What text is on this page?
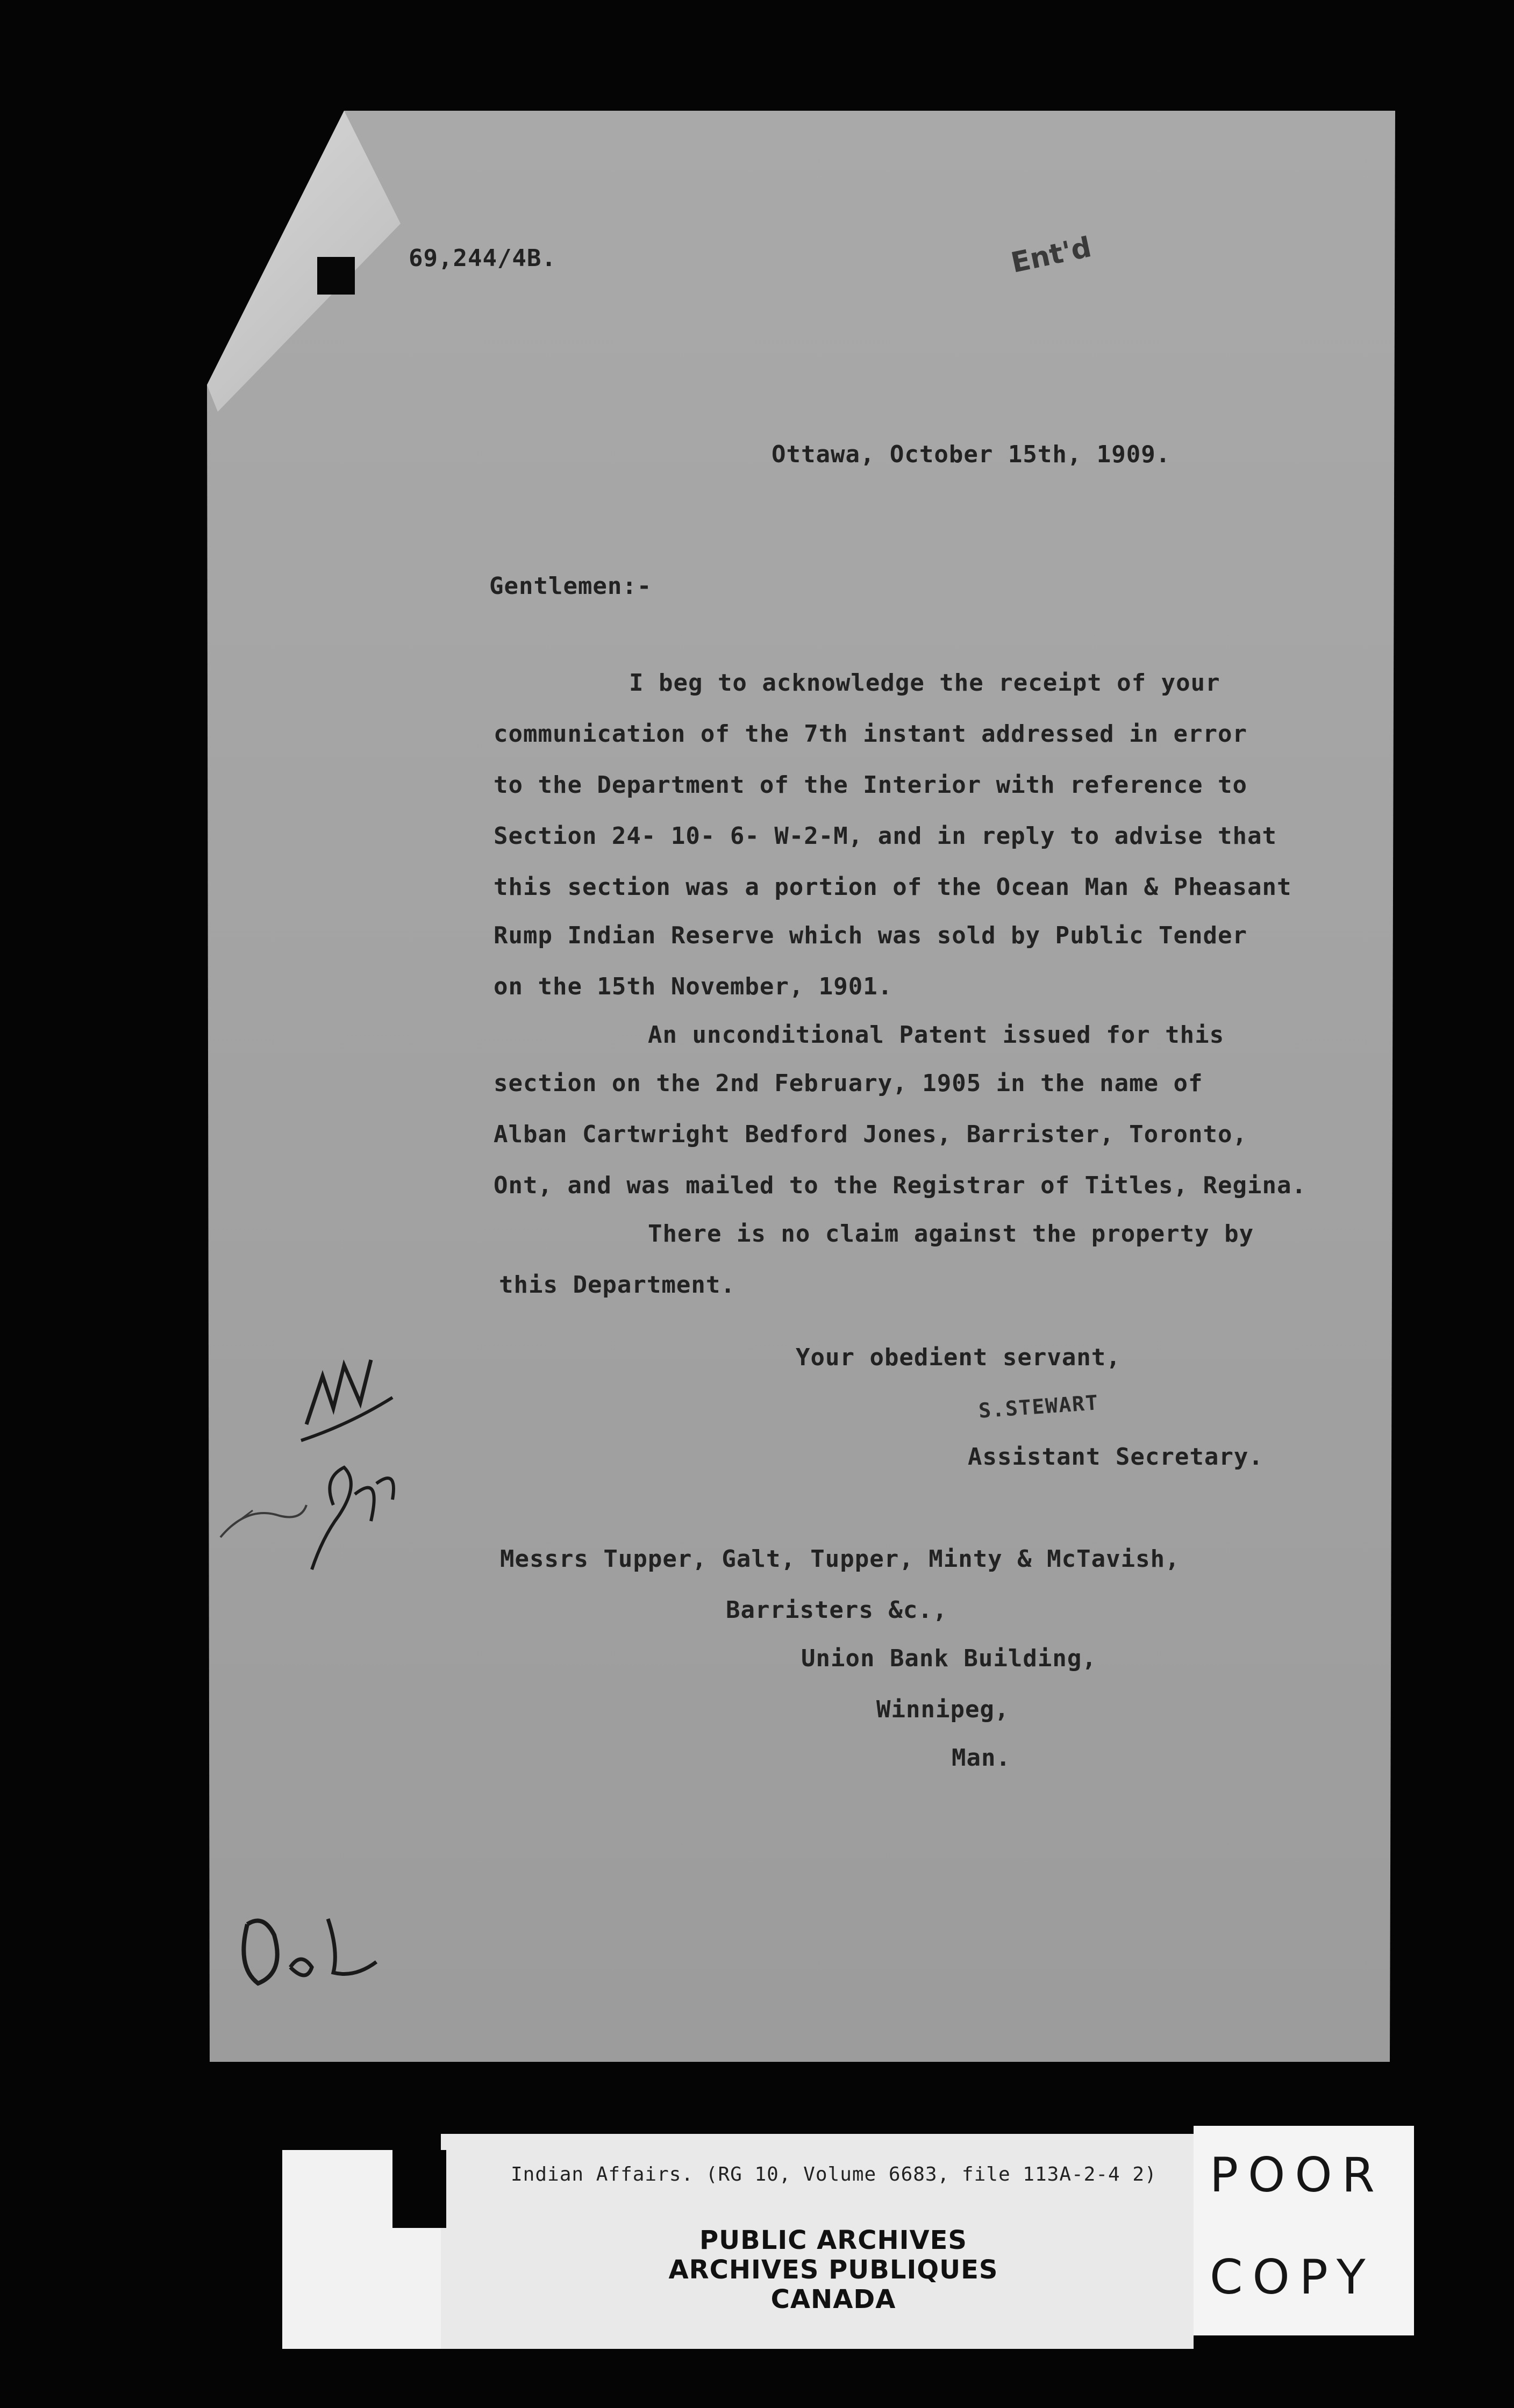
69,244/4B.	Ent'd
Ottawa, October 15th, 1909.
Gentlemen:-
I beg to acknowledge the receipt of your
communication of the 7th instant addressed in error
to the Department of the Interior with reference to
Section 24- 10- 6- W-2-M, and in reply to advise that
this section was a portion of the Ocean Man & Pheasant
Rump Indian Reserve which was sold by Public Tender
on the 15th November, 1901.
An unconditional Patent issued for this
section on the 2nd February, 1905 in the name of
Alban Cartwright Bedford Jones, Barrister, Toronto,
Ont, and was mailed to the Registrar of Titles, Regina.
There is no claim against the property by
this Department.
Your obedient servant,
S.STEWART
Assistant Secretary.
Messrs Tupper, Galt, Tupper, Minty & McTavish,
Barristers &c.,
Union Bank Building,
Winnipeg,
Man.
Indian Affairs. (RG 10, Volume 6683, file 113A-2-4 2)
PUBLIC ARCHIVES
ARCHIVES PUBLIQUES
CANADA
POOR
COPY
